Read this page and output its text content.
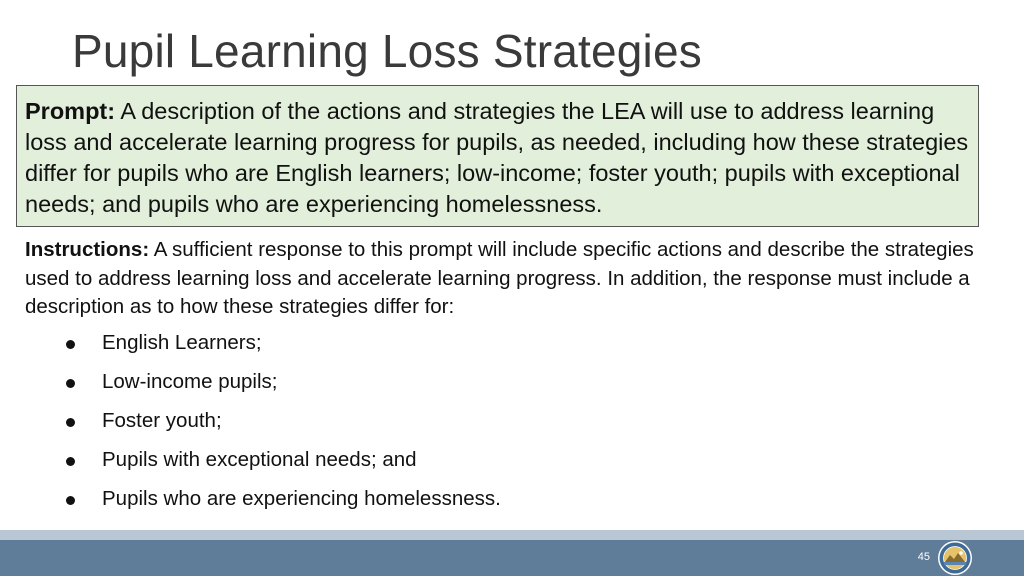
Pupil Learning Loss Strategies
Prompt: A description of the actions and strategies the LEA will use to address learning loss and accelerate learning progress for pupils, as needed, including how these strategies differ for pupils who are English learners; low-income; foster youth; pupils with exceptional needs; and pupils who are experiencing homelessness.

Instructions: A sufficient response to this prompt will include specific actions and describe the strategies used to address learning loss and accelerate learning progress. In addition, the response must include a description as to how these strategies differ for:

English Learners;
Low-income pupils;
Foster youth;
Pupils with exceptional needs; and
Pupils who are experiencing homelessness.
45
